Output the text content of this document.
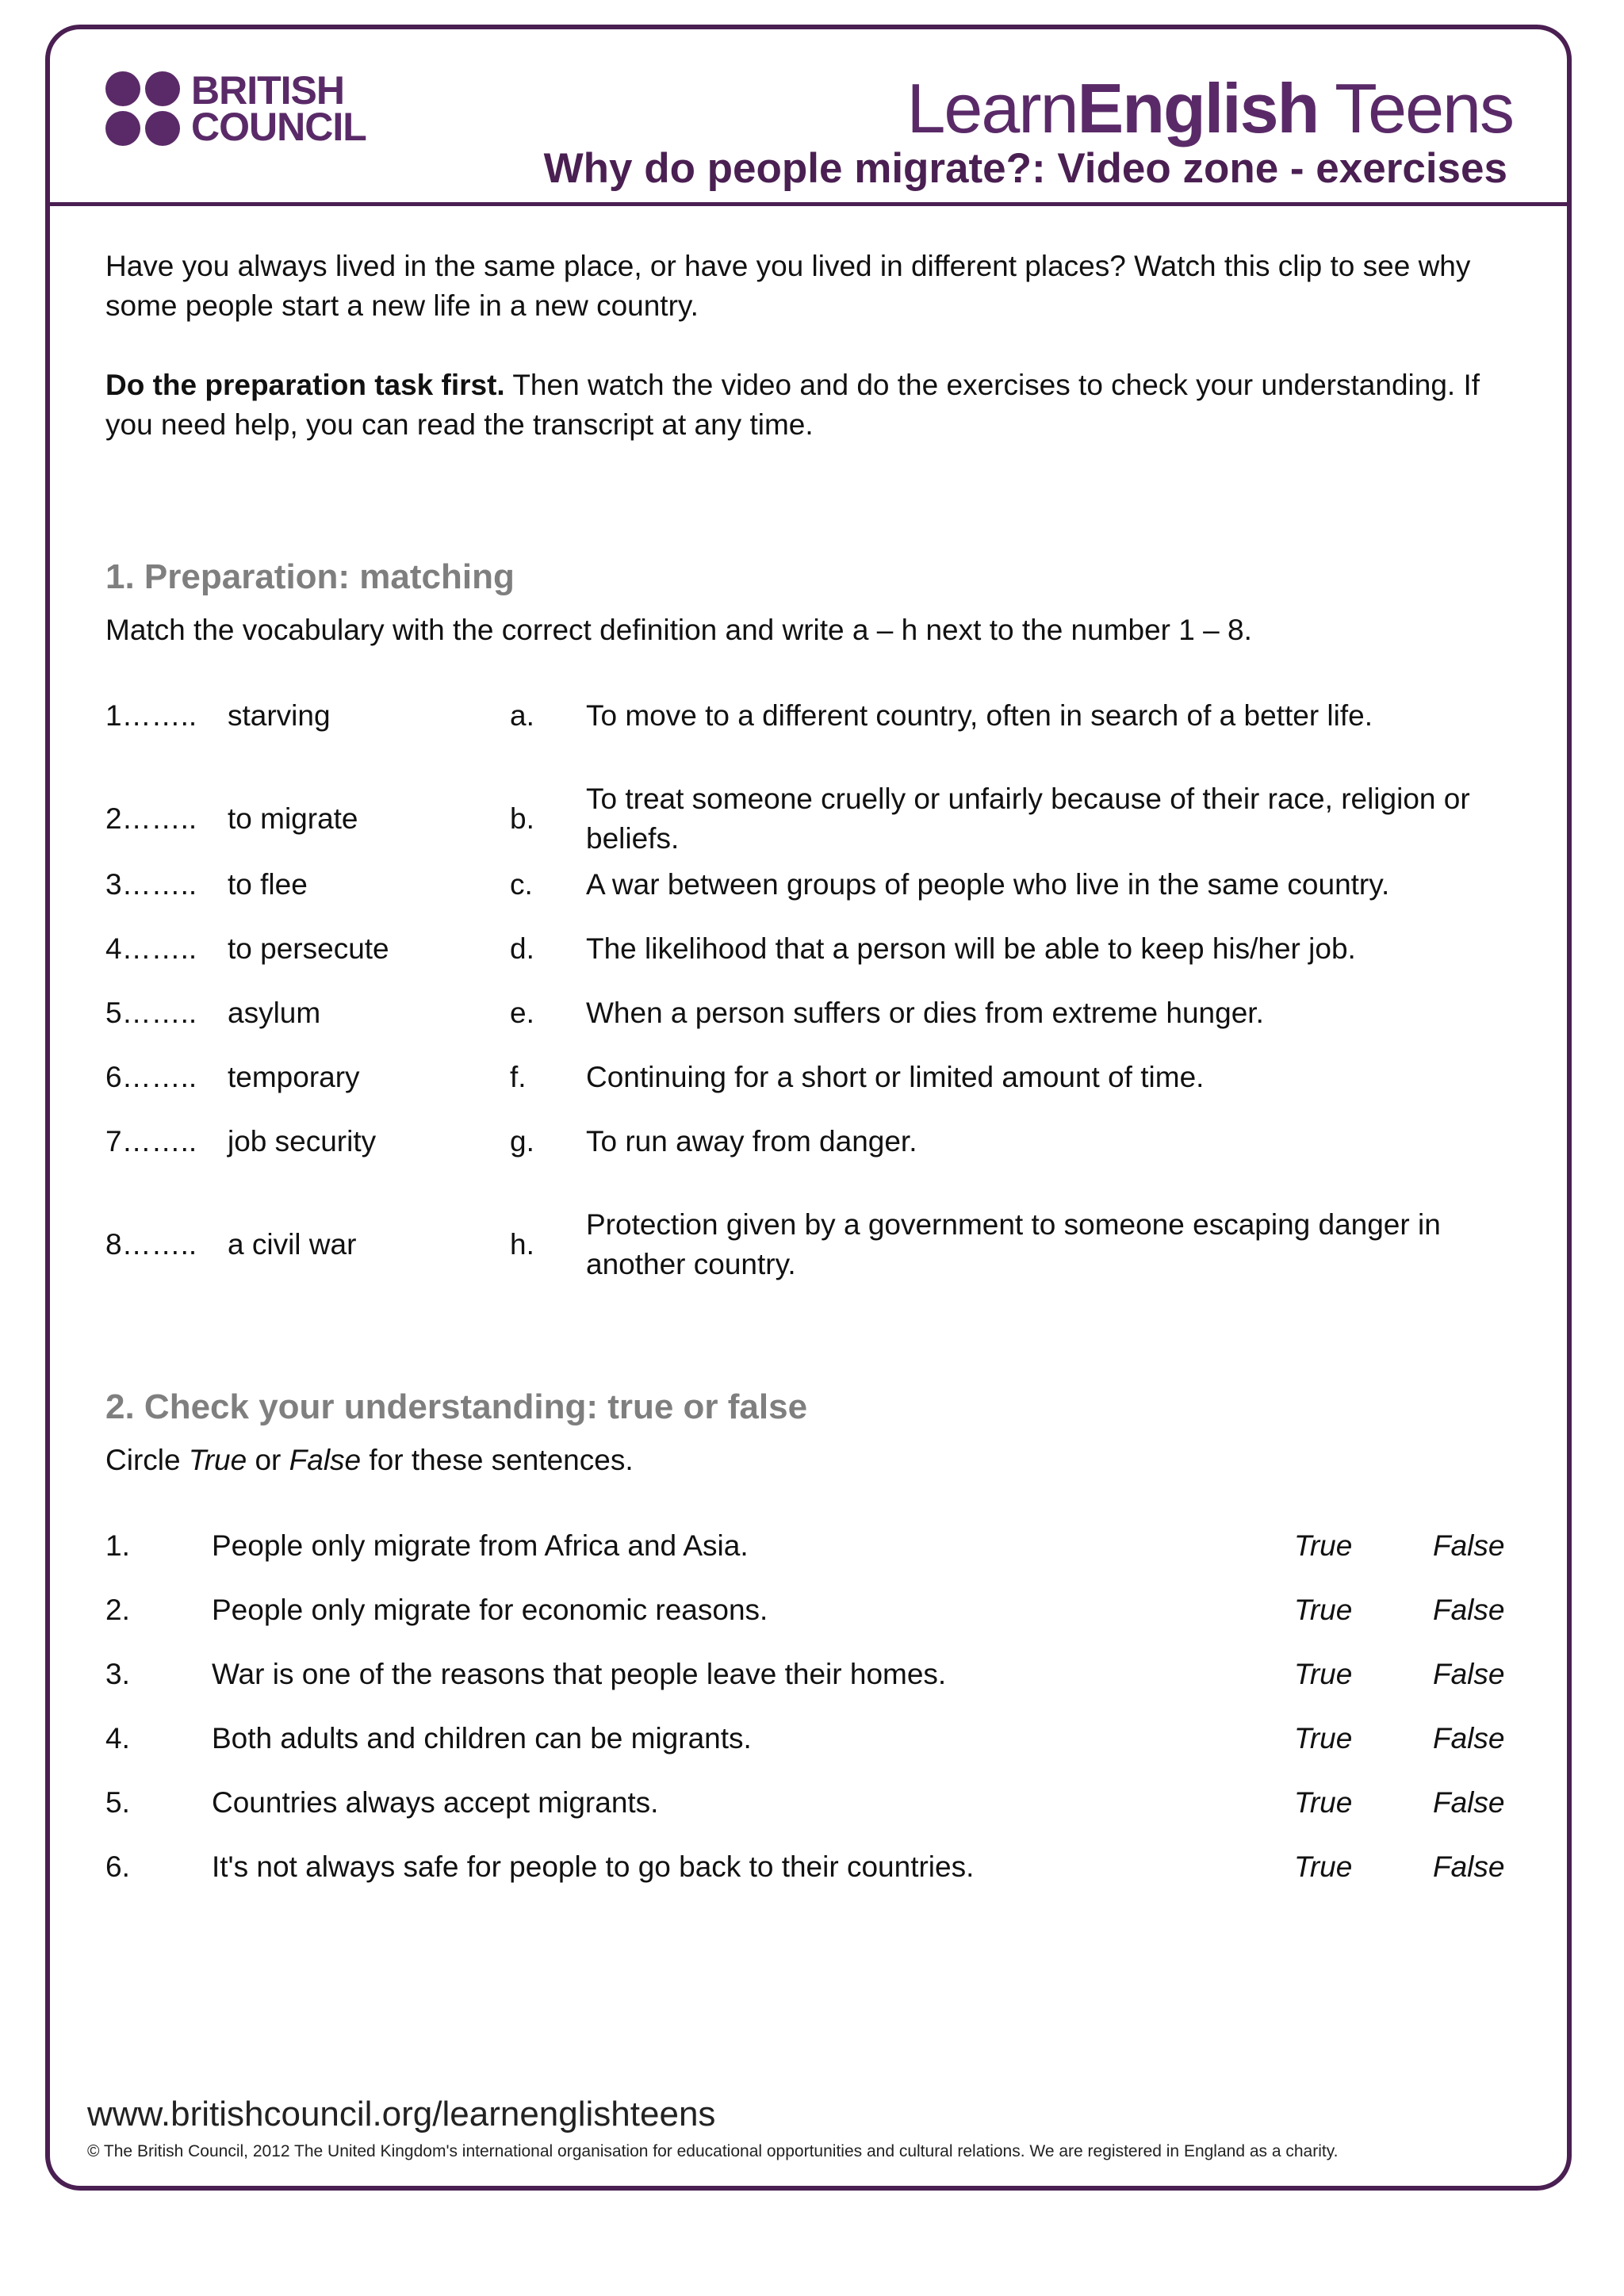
BRITISH
COUNCIL	LearnEnglish Teens
Why do people migrate?: Video zone - exercises
Have you always lived in the same place, or have you lived in different places? Watch this clip to see why
some people start a new life in a new country.
Do the preparation task first. Then watch the video and do the exercises to check your understanding. If
you need help, you can read the transcript at any time.
1. Preparation: matching
Match the vocabulary with the correct definition and write a – h next to the number 1 – 8.
1…….. starving	a. To move to a different country, often in search of a better life.
2…….. to migrate	b.
To treat someone cruelly or unfairly because of their race, religion or
beliefs.
3…….. to flee	c. A war between groups of people who live in the same country.
4…….. to persecute	d. The likelihood that a person will be able to keep his/her job.
5…….. asylum	e. When a person suffers or dies from extreme hunger.
6…….. temporary	f. Continuing for a short or limited amount of time.
7…….. job security	g. To run away from danger.
8…….. a civil war	h.
Protection given by a government to someone escaping danger in
another country.
2. Check your understanding: true or false
Circle True or False for these sentences.
1.	People only migrate from Africa and Asia.	True	False
2.	People only migrate for economic reasons.	True	False
3.	War is one of the reasons that people leave their homes.	True	False
4.	Both adults and children can be migrants.	True	False
5.	Countries always accept migrants.	True	False
6.	It's not always safe for people to go back to their countries.	True	False
www.britishcouncil.org/learnenglishteens
© The British Council, 2012 The United Kingdom's international organisation for educational opportunities and cultural relations. We are registered in England as a charity.
